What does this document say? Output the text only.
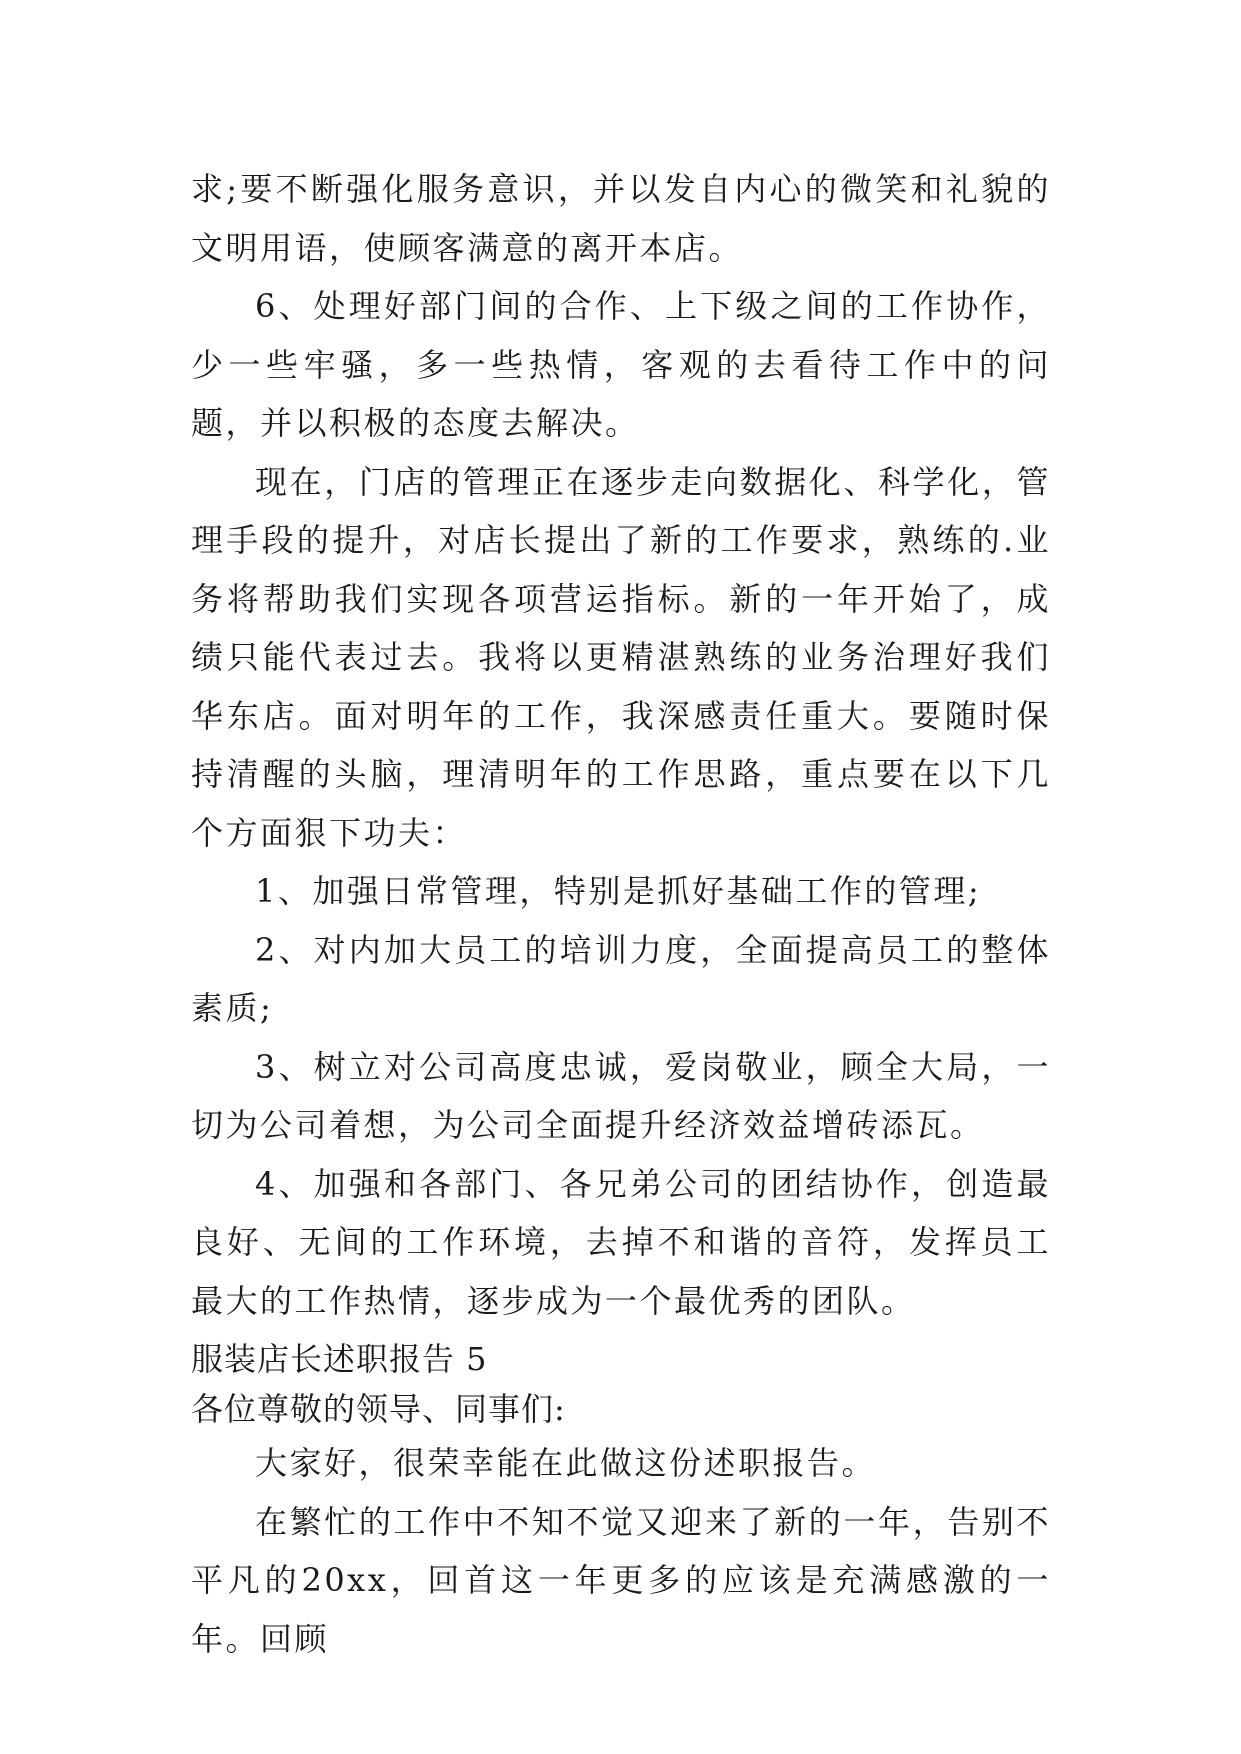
求;要不断强化服务意识，并以发自内心的微笑和礼貌的文明用语，使顾客满意的离开本店。

6、处理好部门间的合作、上下级之间的工作协作，少一些牢骚，多一些热情，客观的去看待工作中的问题，并以积极的态度去解决。

现在，门店的管理正在逐步走向数据化、科学化，管理手段的提升，对店长提出了新的工作要求，熟练的.业务将帮助我们实现各项营运指标。新的一年开始了，成绩只能代表过去。我将以更精湛熟练的业务治理好我们华东店。面对明年的工作，我深感责任重大。要随时保持清醒的头脑，理清明年的工作思路，重点要在以下几个方面狠下功夫：

1、加强日常管理，特别是抓好基础工作的管理;

2、对内加大员工的培训力度，全面提高员工的整体素质;

3、树立对公司高度忠诚，爱岗敬业，顾全大局，一切为公司着想，为公司全面提升经济效益增砖添瓦。

4、加强和各部门、各兄弟公司的团结协作，创造最良好、无间的工作环境，去掉不和谐的音符，发挥员工最大的工作热情，逐步成为一个最优秀的团队。

服装店长述职报告 5

各位尊敬的领导、同事们:

大家好，很荣幸能在此做这份述职报告。

在繁忙的工作中不知不觉又迎来了新的一年，告别不平凡的20xx，回首这一年更多的应该是充满感激的一年。回顾
